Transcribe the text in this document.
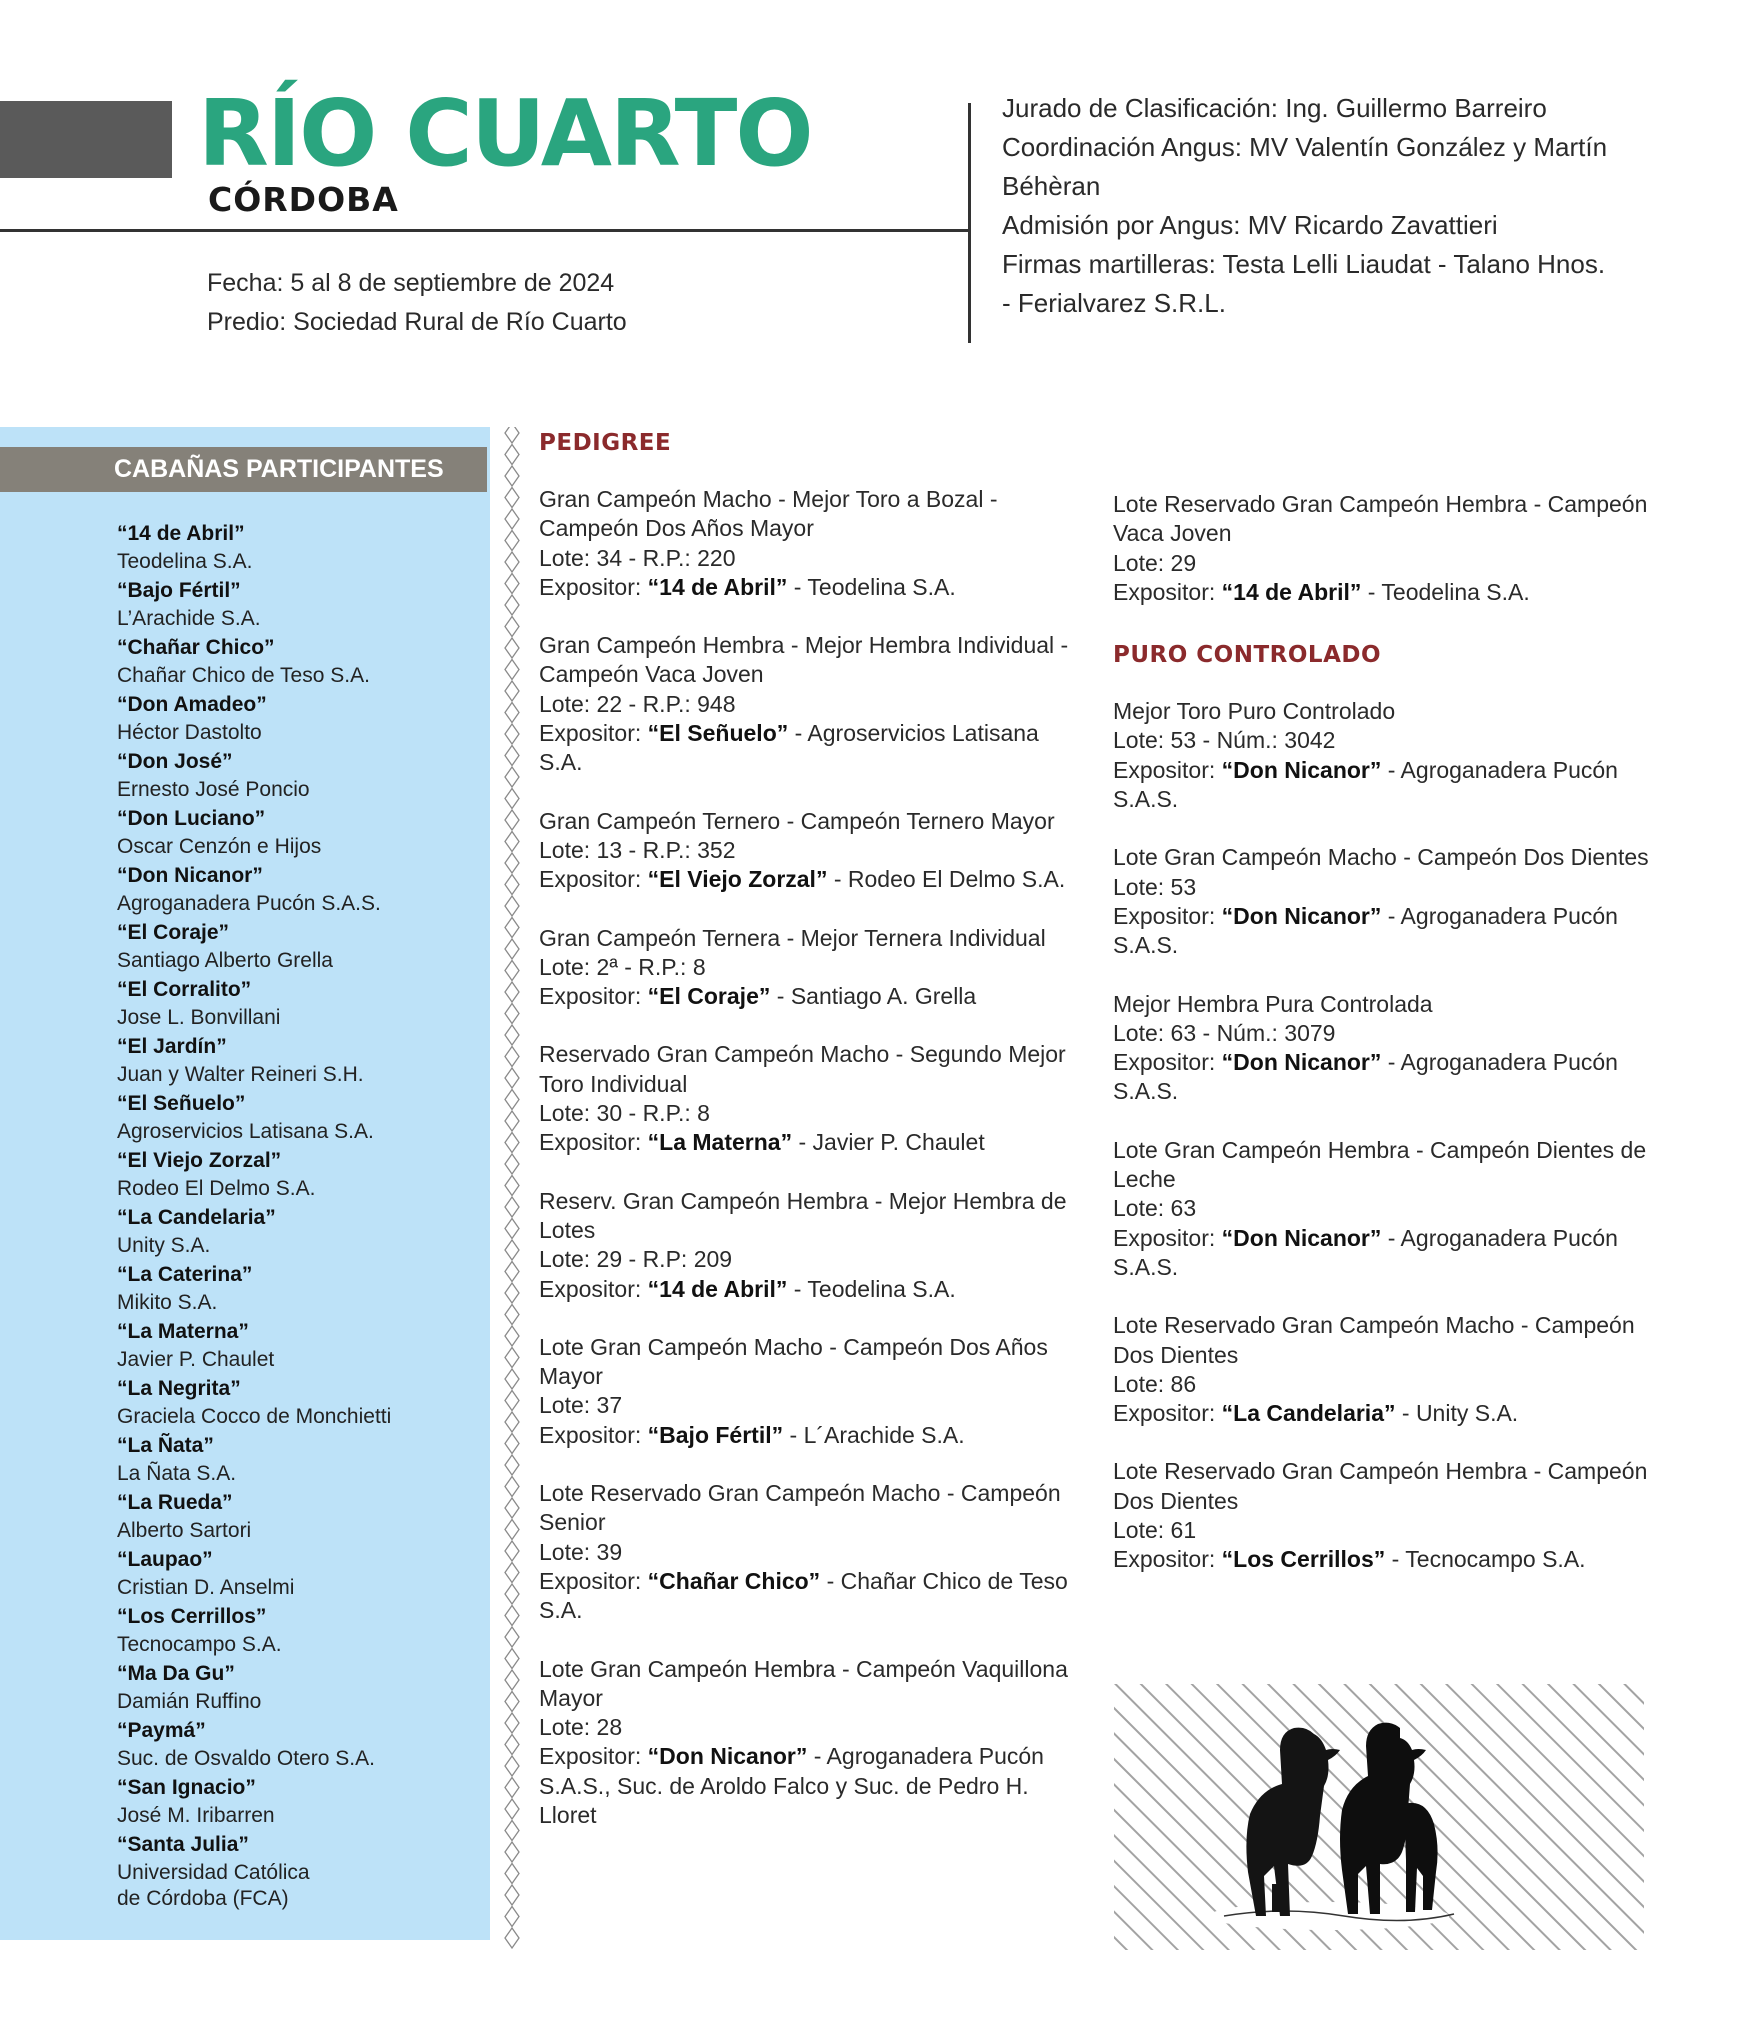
RÍO CUARTO
CÓRDOBA
Fecha: 5 al 8 de septiembre de 2024
Predio: Sociedad Rural de Río Cuarto
Jurado de Clasificación: Ing. Guillermo Barreiro
Coordinación Angus: MV Valentín González y Martín
Béhèran
Admisión por Angus: MV Ricardo Zavattieri
Firmas martilleras: Testa Lelli Liaudat - Talano Hnos.
- Ferialvarez S.R.L.
CABAÑAS PARTICIPANTES
“14 de Abril”
Teodelina S.A.
“Bajo Fértil”
L’Arachide S.A.
“Chañar Chico”
Chañar Chico de Teso S.A.
“Don Amadeo”
Héctor Dastolto
“Don José”
Ernesto José Poncio
“Don Luciano”
Oscar Cenzón e Hijos
“Don Nicanor”
Agroganadera Pucón S.A.S.
“El Coraje”
Santiago Alberto Grella
“El Corralito”
Jose L. Bonvillani
“El Jardín”
Juan y Walter Reineri S.H.
“El Señuelo”
Agroservicios Latisana S.A.
“El Viejo Zorzal”
Rodeo El Delmo S.A.
“La Candelaria”
Unity S.A.
“La Caterina”
Mikito S.A.
“La Materna”
Javier P. Chaulet
“La Negrita”
Graciela Cocco de Monchietti
“La Ñata”
La Ñata S.A.
“La Rueda”
Alberto Sartori
“Laupao”
Cristian D. Anselmi
“Los Cerrillos”
Tecnocampo S.A.
“Ma Da Gu”
Damián Ruffino
“Paymá”
Suc. de Osvaldo Otero S.A.
“San Ignacio”
José M. Iribarren
“Santa Julia”
Universidad Católica
de Córdoba (FCA)
PEDIGREE
Gran Campeón Macho - Mejor Toro a Bozal - Campeón Dos Años Mayor
Lote: 34 - R.P.: 220
Expositor: “14 de Abril” - Teodelina S.A.
Gran Campeón Hembra - Mejor Hembra Individual - Campeón Vaca Joven
Lote: 22 - R.P.: 948
Expositor: “El Señuelo” - Agroservicios Latisana S.A.
Gran Campeón Ternero - Campeón Ternero Mayor
Lote: 13 - R.P.: 352
Expositor: “El Viejo Zorzal” - Rodeo El Delmo S.A.
Gran Campeón Ternera - Mejor Ternera Individual
Lote: 2ª - R.P.: 8
Expositor: “El Coraje” - Santiago A. Grella
Reservado Gran Campeón Macho - Segundo Mejor Toro Individual
Lote: 30 - R.P.: 8
Expositor: “La Materna” - Javier P. Chaulet
Reserv. Gran Campeón Hembra - Mejor Hembra de Lotes
Lote: 29 - R.P: 209
Expositor: “14 de Abril” - Teodelina S.A.
Lote Gran Campeón Macho - Campeón Dos Años Mayor
Lote: 37
Expositor: “Bajo Fértil” - L´Arachide S.A.
Lote Reservado Gran Campeón Macho - Campeón Senior
Lote: 39
Expositor: “Chañar Chico” - Chañar Chico de Teso S.A.
Lote Gran Campeón Hembra - Campeón Vaquillona Mayor
Lote: 28
Expositor: “Don Nicanor” - Agroganadera Pucón S.A.S., Suc. de Aroldo Falco y Suc. de Pedro H. Lloret
Lote Reservado Gran Campeón Hembra - Campeón Vaca Joven
Lote: 29
Expositor: “14 de Abril” - Teodelina S.A.
PURO CONTROLADO
Mejor Toro Puro Controlado
Lote: 53 - Núm.: 3042
Expositor: “Don Nicanor” - Agroganadera Pucón S.A.S.
Lote Gran Campeón Macho - Campeón Dos Dientes
Lote: 53
Expositor: “Don Nicanor” - Agroganadera Pucón S.A.S.
Mejor Hembra Pura Controlada
Lote: 63 - Núm.: 3079
Expositor: “Don Nicanor” - Agroganadera Pucón S.A.S.
Lote Gran Campeón Hembra - Campeón Dientes de Leche
Lote: 63
Expositor: “Don Nicanor” - Agroganadera Pucón S.A.S.
Lote Reservado Gran Campeón Macho - Campeón Dos Dientes
Lote: 86
Expositor: “La Candelaria” - Unity S.A.
Lote Reservado Gran Campeón Hembra - Campeón Dos Dientes
Lote: 61
Expositor: “Los Cerrillos” - Tecnocampo S.A.
